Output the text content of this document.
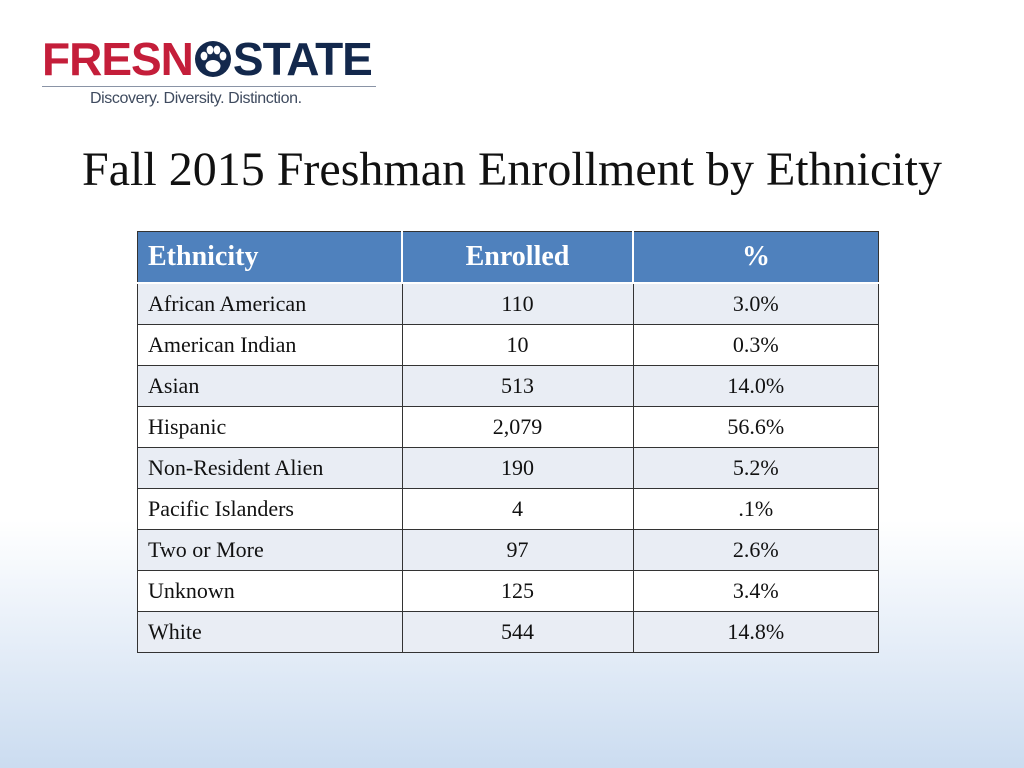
FRESN STATE
Discovery. Diversity. Distinction.
Fall 2015 Freshman Enrollment by Ethnicity
Ethnicity	Enrolled	%
African American	110	3.0%
American Indian	10	0.3%
Asian	513	14.0%
Hispanic	2,079	56.6%
Non-Resident Alien	190	5.2%
Pacific Islanders	4	.1%
Two or More	97	2.6%
Unknown	125	3.4%
White	544	14.8%
